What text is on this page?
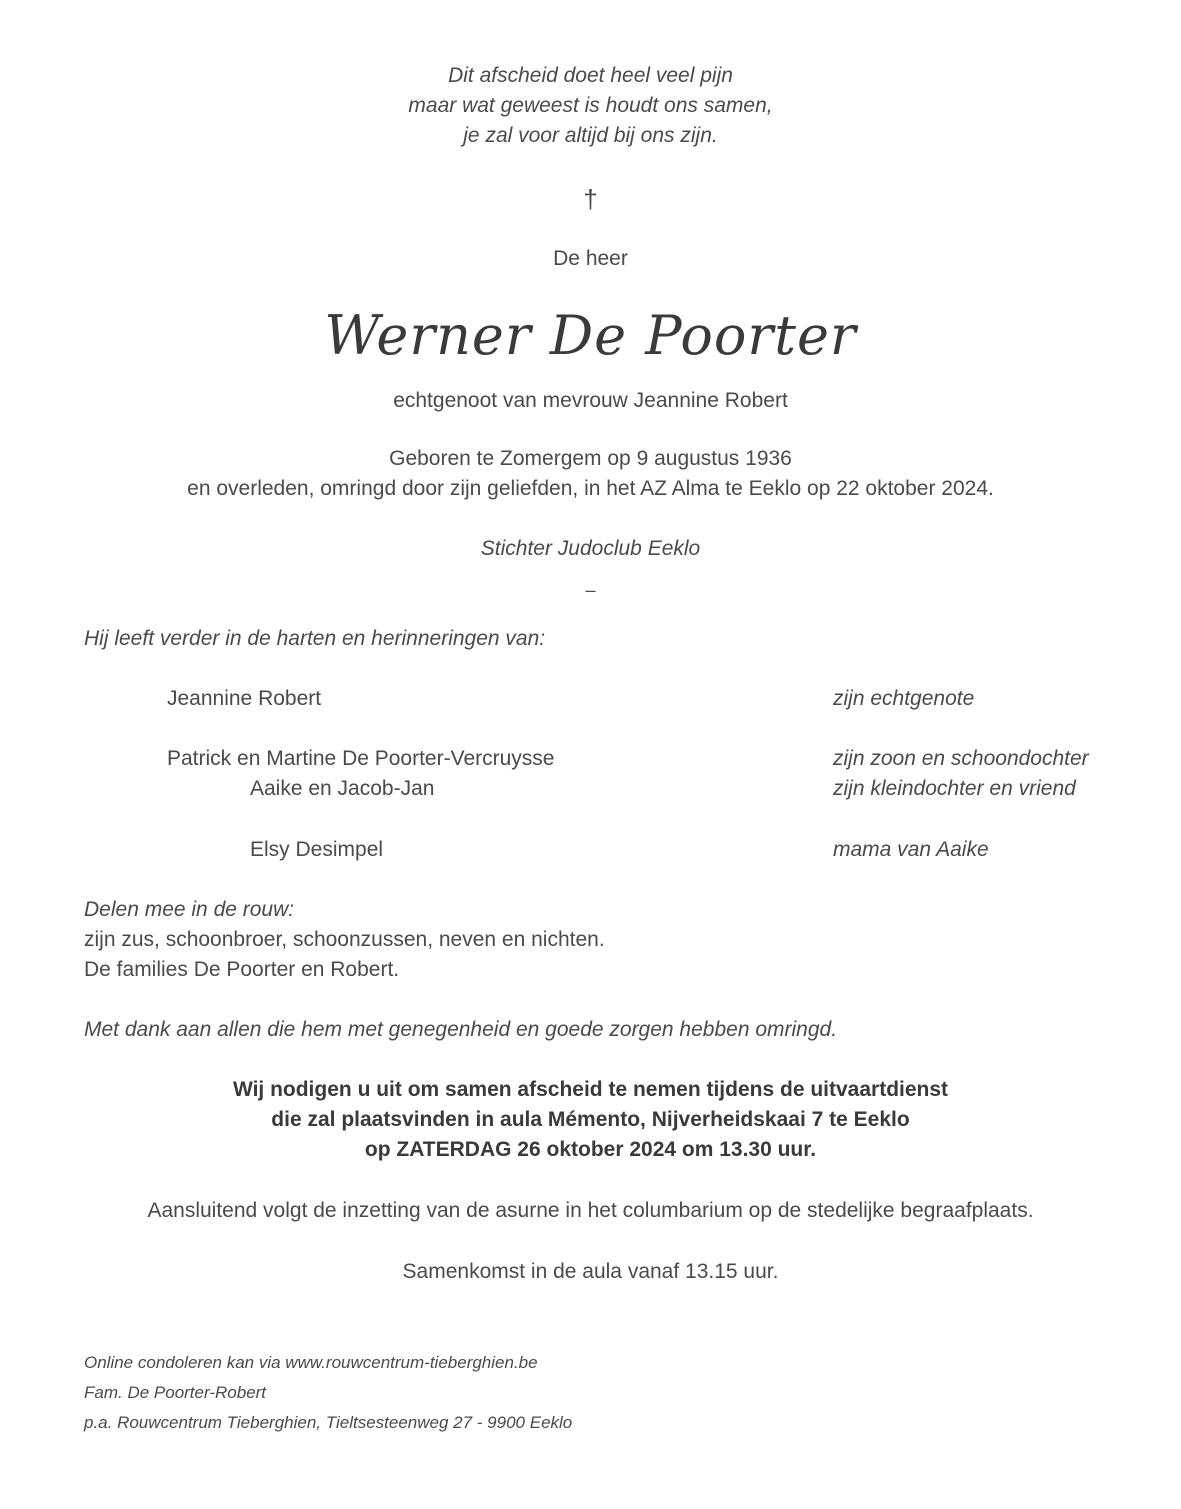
Dit afscheid doet heel veel pijn
maar wat geweest is houdt ons samen,
je zal voor altijd bij ons zijn.
†
De heer
Werner De Poorter
echtgenoot van mevrouw Jeannine Robert
Geboren te Zomergem op 9 augustus 1936
en overleden, omringd door zijn geliefden, in het AZ Alma te Eeklo op 22 oktober 2024.
Stichter Judoclub Eeklo
–
Hij leeft verder in de harten en herinneringen van:
Jeannine Robert	zijn echtgenote
Patrick en Martine De Poorter-Vercruysse	zijn zoon en schoondochter
Aaike en Jacob-Jan	zijn kleindochter en vriend
Elsy Desimpel	mama van Aaike
Delen mee in de rouw:
zijn zus, schoonbroer, schoonzussen, neven en nichten.
De families De Poorter en Robert.
Met dank aan allen die hem met genegenheid en goede zorgen hebben omringd.
Wij nodigen u uit om samen afscheid te nemen tijdens de uitvaartdienst
die zal plaatsvinden in aula Mémento, Nijverheidskaai 7 te Eeklo
op ZATERDAG 26 oktober 2024 om 13.30 uur.
Aansluitend volgt de inzetting van de asurne in het columbarium op de stedelijke begraafplaats.
Samenkomst in de aula vanaf 13.15 uur.
Online condoleren kan via www.rouwcentrum-tieberghien.be
Fam. De Poorter-Robert
p.a. Rouwcentrum Tieberghien, Tieltsesteenweg 27 - 9900 Eeklo
